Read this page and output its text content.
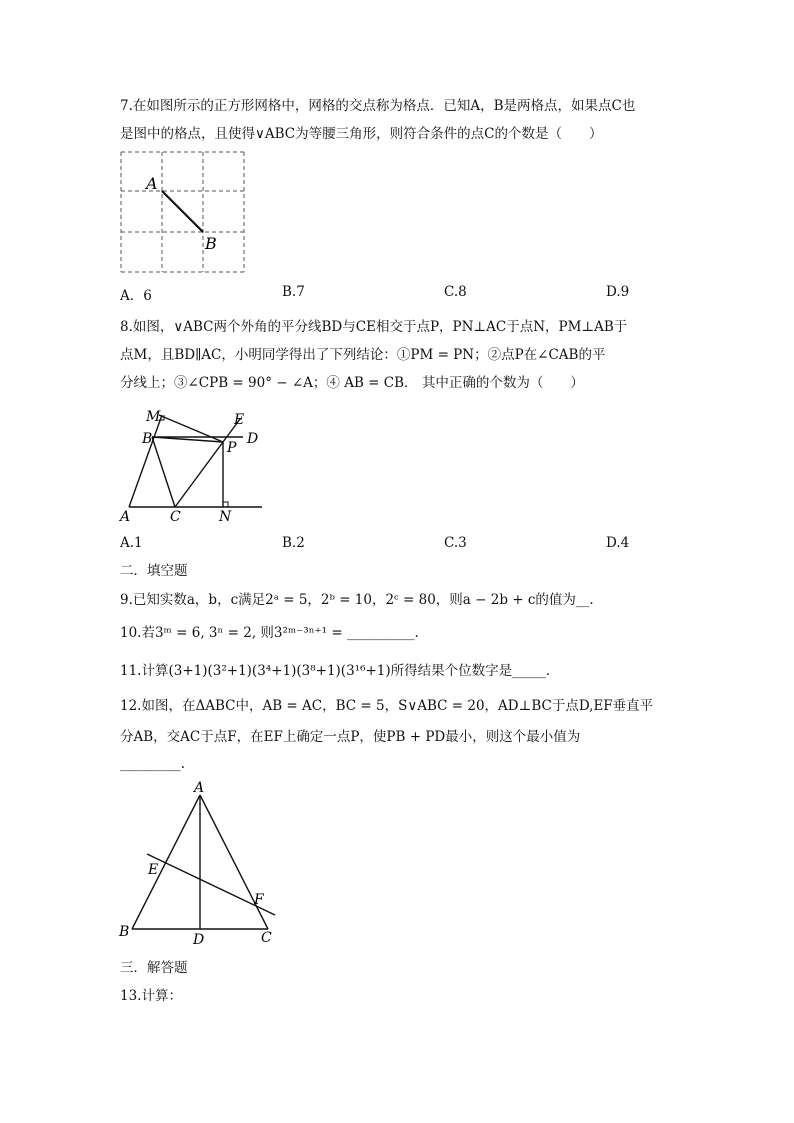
7.在如图所示的正方形网格中，网格的交点称为格点．已知A，B是两格点，如果点C也
是图中的格点，且使得∨ABC为等腰三角形，则符合条件的点C的个数是（　　）
A
B
A．6	B.7	C.8	D.9
8.如图，∨ABC两个外角的平分线BD与CE相交于点P，PN⊥AC于点N，PM⊥AB于
点M，且BD∥AC，小明同学得出了下列结论：①PM = PN；②点P在∠CAB的平
分线上；③∠CPB = 90° − ∠A；④ AB = CB． 其中正确的个数为（　　）
M	E
B
P
D
A	C	N
A.1	B.2	C.3	D.4
二．填空题
9.已知实数a，b，c满足2ᵃ = 5，2ᵇ = 10，2ᶜ = 80，则a − 2b + c的值为__.
10.若3ᵐ = 6, 3ⁿ = 2, 则3²ᵐ⁻³ⁿ⁺¹ = __________.
11.计算(3+1)(3²+1)(3⁴+1)(3⁸+1)(3¹⁶+1)所得结果个位数字是_____.
12.如图，在ΔABC中，AB = AC，BC = 5，S∨ABC = 20，AD⊥BC于点D,EF垂直平
分AB，交AC于点F，在EF上确定一点P，使PB + PD最小，则这个最小值为
_________.
A
E
F
B	D	C
三．解答题
13.计算：
